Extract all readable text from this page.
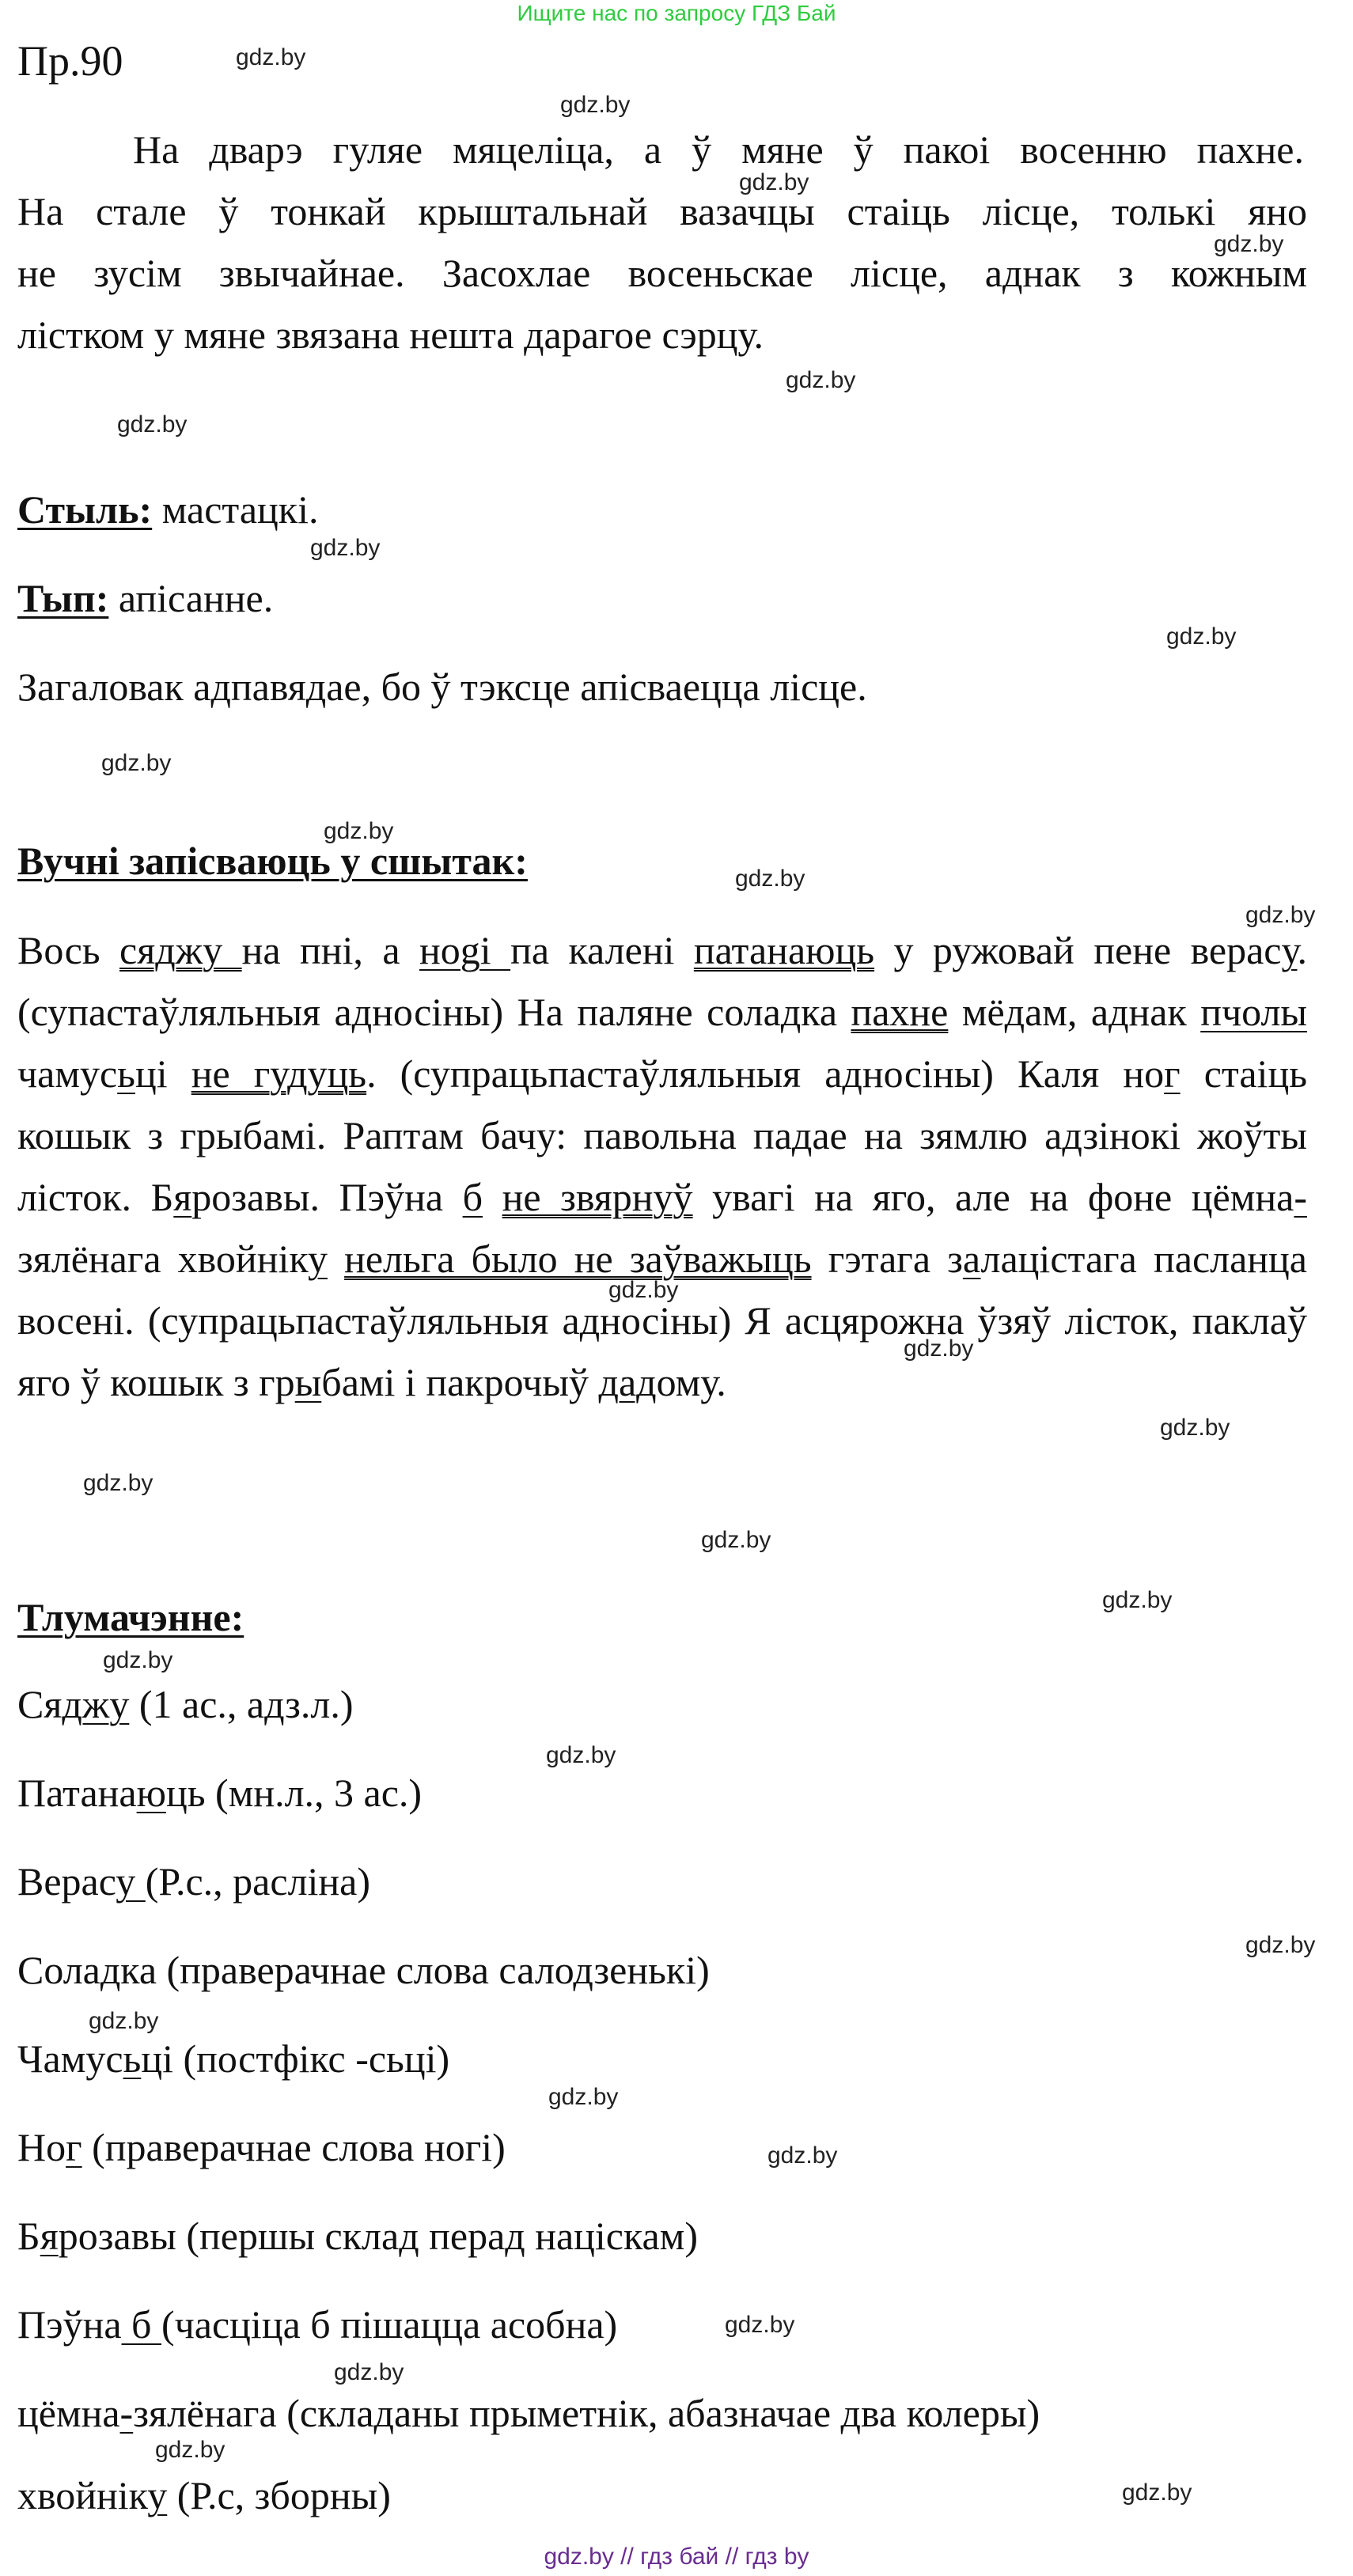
Ищите нас по запросу ГДЗ Бай
gdz.by
gdz.by
gdz.by
gdz.by
gdz.by
gdz.by
gdz.by
gdz.by
gdz.by
gdz.by
gdz.by
gdz.by
gdz.by
gdz.by
gdz.by
gdz.by
gdz.by
gdz.by
gdz.by
gdz.by
gdz.by
gdz.by
gdz.by
gdz.by
gdz.by
gdz.by
gdz.by
gdz.by
Пр.90
На дварэ гуляе мяцеліца, а ў мяне ў пакоі восенню пахне.
На стале ў тонкай крыштальнай вазачцы стаіць лісце, толькі яно
не зусім звычайнае. Засохлае восеньскае лісце, аднак з кожным
лістком у мяне звязана нешта дарагое сэрцу.
Стыль: мастацкі.
Тып: апісанне.
Загаловак адпавядае, бо ў тэксце апісваецца лісце.
Вучні запісваюць у сшытак:
Вось сяджу на пні, а нogі па калені патанаюць у ружовай пене вераcу. (супастаўляльныя адносіны) На паляне соладка пахне мёдам, аднак пчолы чамусьці не гудуць. (супрацьпастаўляльныя адносіны) Каля ног стаіць кошык з грыбамі. Раптам бачу: павольна падае на зямлю адзінокі жоўты лісток. Бярозавы. Пэўна б не звярнуў увагі на яго, але на фоне цёмна-зялёнага хвойніку нельга было не заўважыць гэтага залацістага пасланца восені. (супрацьпастаўляльныя адносіны) Я асцярожна ўзяў лісток, паклаў яго ў кошык з грыбамі і пакрочыў дадому.
Тлумачэнне:
Сяджу (1 ас., адз.л.)
Патанаюць (мн.л., 3 ас.)
Верасу (Р.с., расліна)
Соладка (праверачнае слова салодзенькі)
Чамусьці (постфікс -сьці)
Ног (праверачнае слова ногі)
Бярозавы (першы склад перад націскам)
Пэўна б (часціца б пішацца асобна)
цёмна-зялёнага (складаны прыметнік, абазначае два колеры)
хвойніку (Р.с, зборны)
gdz.by // гдз бай // гдз by
